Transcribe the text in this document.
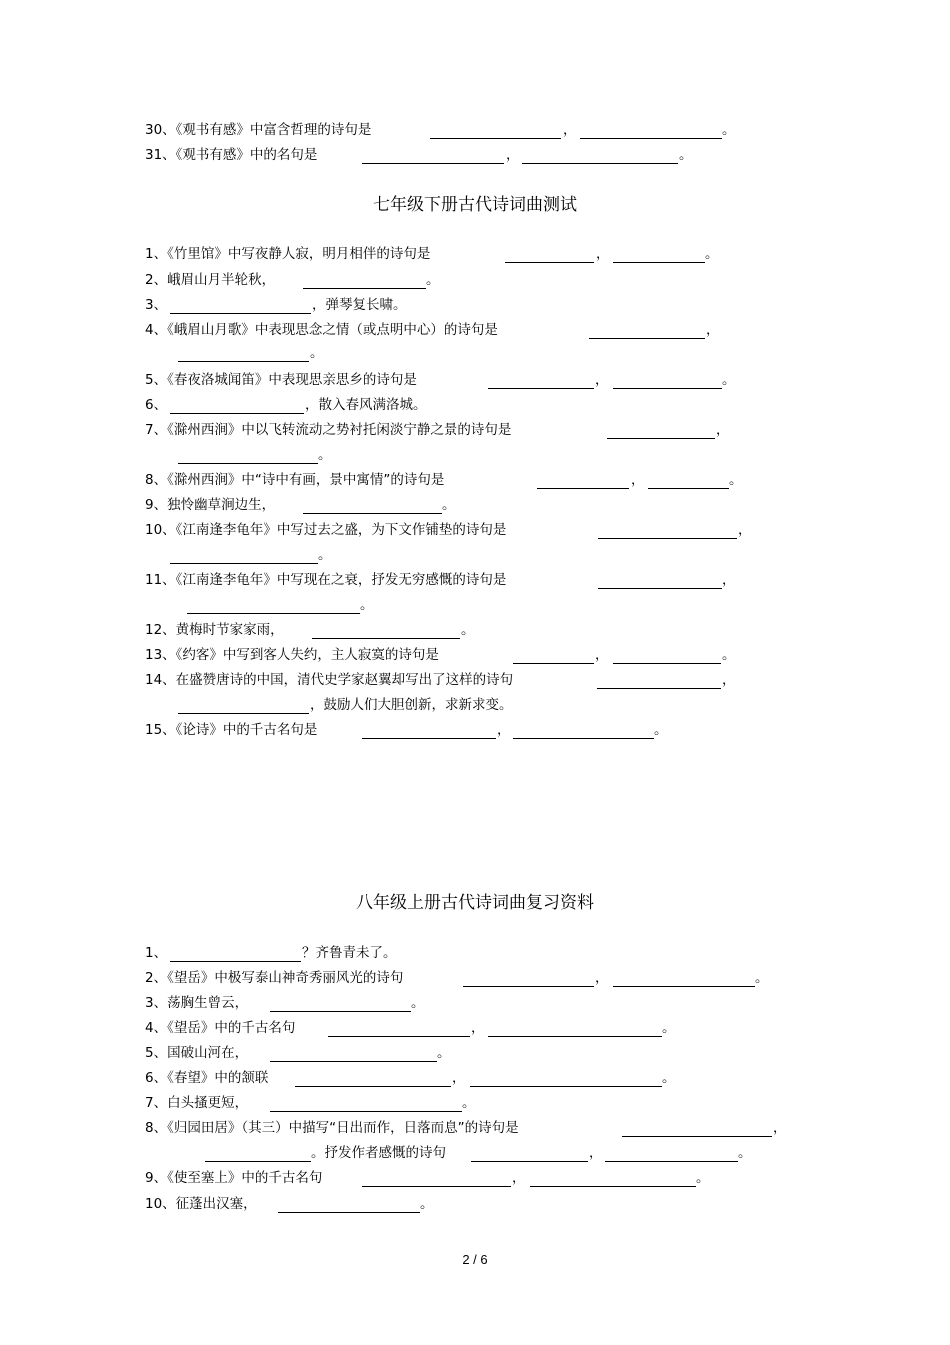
30、《观书有感》中富含哲理的诗句是	，	。
31、《观书有感》中的名句是	，	。
七年级下册古代诗词曲测试
1、《竹里馆》中写夜静人寂，明月相伴的诗句是	，	。
2、峨眉山月半轮秋，	。
3、	，弹琴复长啸。
4、《峨眉山月歌》中表现思念之情（或点明中心）的诗句是	，
。
5、《春夜洛城闻笛》中表现思亲思乡的诗句是	，	。
6、	，散入春风满洛城。
7、《滁州西涧》中以飞转流动之势衬托闲淡宁静之景的诗句是	，
。
8、《滁州西涧》中“诗中有画，景中寓情”的诗句是	，	。
9、独怜幽草涧边生，	。
10、《江南逢李龟年》中写过去之盛，为下文作铺垫的诗句是	，
。
11、《江南逢李龟年》中写现在之衰，抒发无穷感慨的诗句是	，
。
12、黄梅时节家家雨，	。
13、《约客》中写到客人失约，主人寂寞的诗句是	，	。
14、在盛赞唐诗的中国，清代史学家赵翼却写出了这样的诗句	，
，鼓励人们大胆创新，求新求变。
15、《论诗》中的千古名句是	，	。
八年级上册古代诗词曲复习资料
1、	？齐鲁青未了。
2、《望岳》中极写泰山神奇秀丽风光的诗句	，	。
3、荡胸生曾云，	。
4、《望岳》中的千古名句	，	。
5、国破山河在，	。
6、《春望》中的颔联	，	。
7、白头搔更短，	。
8、《归园田居》（其三）中描写“日出而作，日落而息”的诗句是	，
。抒发作者感慨的诗句	，	。
9、《使至塞上》中的千古名句	，	。
10、征蓬出汉塞，	。
2 / 6
